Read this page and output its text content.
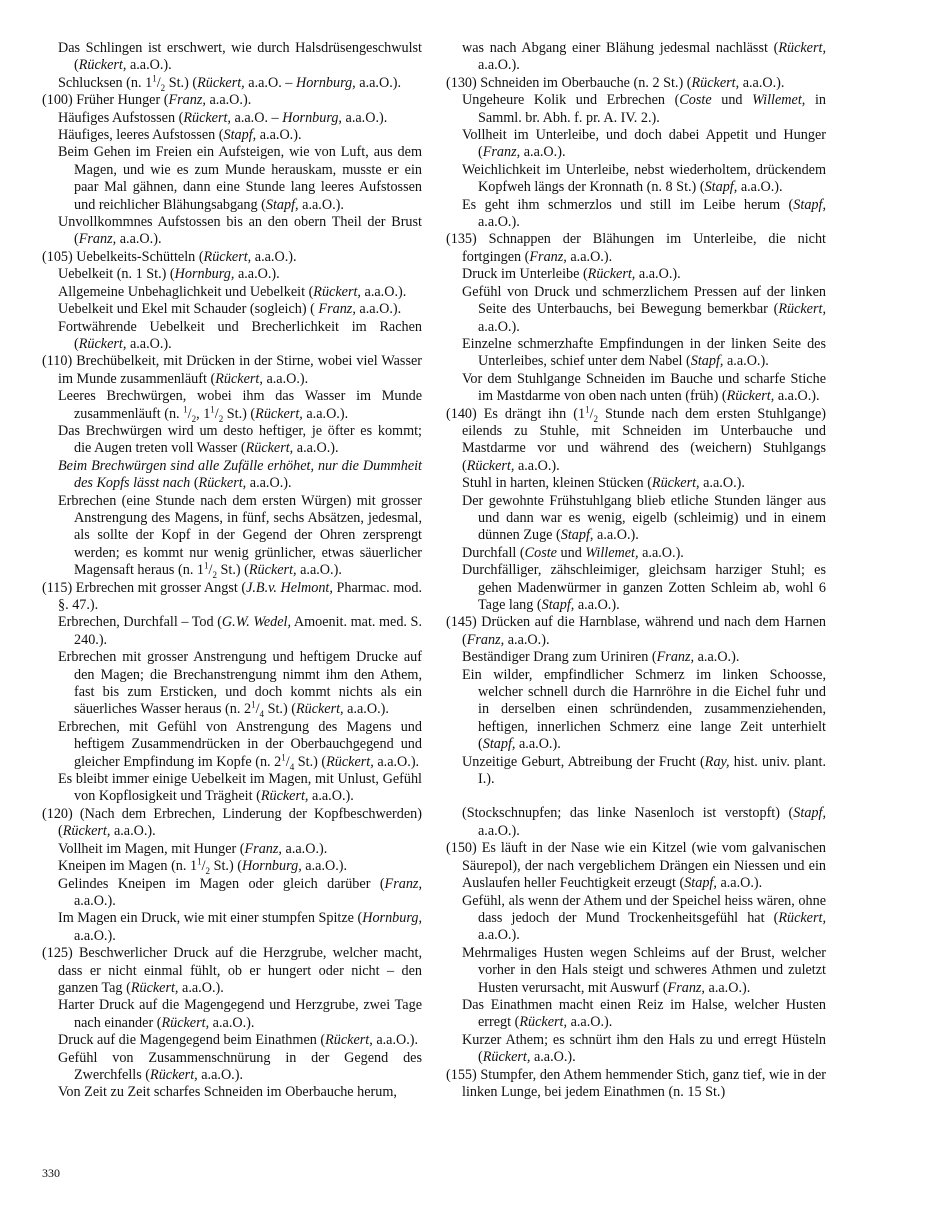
Das Schlingen ist erschwert, wie durch Halsdrüsengeschwulst (Rückert, a.a.O.).
Schlucksen (n. $1^1/_2$ St.) (Rückert, a.a.O. – Hornburg, a.a.O.).
(100) Früher Hunger (Franz, a.a.O.).
Häufiges Aufstossen (Rückert, a.a.O. – Hornburg, a.a.O.).
Häufiges, leeres Aufstossen (Stapf, a.a.O.).
Beim Gehen im Freien ein Aufsteigen, wie von Luft, aus dem Magen, und wie es zum Munde herauskam, musste er ein paar Mal gähnen, dann eine Stunde lang leeres Aufstossen und reichlicher Blähungsabgang (Stapf, a.a.O.).
Unvollkommnes Aufstossen bis an den obern Theil der Brust (Franz, a.a.O.).
(105) Uebelkeits-Schütteln (Rückert, a.a.O.).
Uebelkeit (n. 1 St.) (Hornburg, a.a.O.).
Allgemeine Unbehaglichkeit und Uebelkeit (Rückert, a.a.O.).
Uebelkeit und Ekel mit Schauder (sogleich) ( Franz, a.a.O.).
Fortwährende Uebelkeit und Brecherlichkeit im Rachen (Rückert, a.a.O.).
(110) Brechübelkeit, mit Drücken in der Stirne, wobei viel Wasser im Munde zusammenläuft (Rückert, a.a.O.).
Leeres Brechwürgen, wobei ihm das Wasser im Munde zusammenläuft (n. $^1/_2$, $1^1/_2$ St.) (Rückert, a.a.O.).
Das Brechwürgen wird um desto heftiger, je öfter es kommt; die Augen treten voll Wasser (Rückert, a.a.O.).
Beim Brechwürgen sind alle Zufälle erhöhet, nur die Dummheit des Kopfs lässt nach (Rückert, a.a.O.).
Erbrechen (eine Stunde nach dem ersten Würgen) mit grosser Anstrengung des Magens, in fünf, sechs Absätzen, jedesmal, als sollte der Kopf in der Gegend der Ohren zersprengt werden; es kommt nur wenig grünlicher, etwas säuerlicher Magensaft heraus (n. $1^1/_2$ St.) (Rückert, a.a.O.).
(115) Erbrechen mit grosser Angst (J.B.v. Helmont, Pharmac. mod. §. 47.).
Erbrechen, Durchfall – Tod (G.W. Wedel, Amoenit. mat. med. S. 240.).
Erbrechen mit grosser Anstrengung und heftigem Drucke auf den Magen; die Brechanstrengung nimmt ihm den Athem, fast bis zum Ersticken, und doch kommt nichts als ein säuerliches Wasser heraus (n. $2^1/_4$ St.) (Rückert, a.a.O.).
Erbrechen, mit Gefühl von Anstrengung des Magens und heftigem Zusammendrücken in der Oberbauchgegend und gleicher Empfindung im Kopfe (n. $2^1/_4$ St.) (Rückert, a.a.O.).
Es bleibt immer einige Uebelkeit im Magen, mit Unlust, Gefühl von Kopflosigkeit und Trägheit (Rückert, a.a.O.).
(120) (Nach dem Erbrechen, Linderung der Kopfbeschwerden) (Rückert, a.a.O.).
Vollheit im Magen, mit Hunger (Franz, a.a.O.).
Kneipen im Magen (n. $1^1/_2$ St.) (Hornburg, a.a.O.).
Gelindes Kneipen im Magen oder gleich darüber (Franz, a.a.O.).
Im Magen ein Druck, wie mit einer stumpfen Spitze (Hornburg, a.a.O.).
(125) Beschwerlicher Druck auf die Herzgrube, welcher macht, dass er nicht einmal fühlt, ob er hungert oder nicht – den ganzen Tag (Rückert, a.a.O.).
Harter Druck auf die Magengegend und Herzgrube, zwei Tage nach einander (Rückert, a.a.O.).
Druck auf die Magengegend beim Einathmen (Rückert, a.a.O.).
Gefühl von Zusammenschnürung in der Gegend des Zwerchfells (Rückert, a.a.O.).
Von Zeit zu Zeit scharfes Schneiden im Oberbauche herum,
was nach Abgang einer Blähung jedesmal nachlässt (Rückert, a.a.O.).
(130) Schneiden im Oberbauche (n. 2 St.) (Rückert, a.a.O.).
Ungeheure Kolik und Erbrechen (Coste und Willemet, in Samml. br. Abh. f. pr. A. IV. 2.).
Vollheit im Unterleibe, und doch dabei Appetit und Hunger (Franz, a.a.O.).
Weichlichkeit im Unterleibe, nebst wiederholtem, drückendem Kopfweh längs der Kronnath (n. 8 St.) (Stapf, a.a.O.).
Es geht ihm schmerzlos und still im Leibe herum (Stapf, a.a.O.).
(135) Schnappen der Blähungen im Unterleibe, die nicht fortgingen (Franz, a.a.O.).
Druck im Unterleibe (Rückert, a.a.O.).
Gefühl von Druck und schmerzlichem Pressen auf der linken Seite des Unterbauchs, bei Bewegung bemerkbar (Rückert, a.a.O.).
Einzelne schmerzhafte Empfindungen in der linken Seite des Unterleibes, schief unter dem Nabel (Stapf, a.a.O.).
Vor dem Stuhlgange Schneiden im Bauche und scharfe Stiche im Mastdarme von oben nach unten (früh) (Rückert, a.a.O.).
(140) Es drängt ihn ($1^1/_2$ Stunde nach dem ersten Stuhlgange) eilends zu Stuhle, mit Schneiden im Unterbauche und Mastdarme vor und während des (weichern) Stuhlgangs (Rückert, a.a.O.).
Stuhl in harten, kleinen Stücken (Rückert, a.a.O.).
Der gewohnte Frühstuhlgang blieb etliche Stunden länger aus und dann war es wenig, eigelb (schleimig) und in einem dünnen Zuge (Stapf, a.a.O.).
Durchfall (Coste und Willemet, a.a.O.).
Durchfälliger, zähschleimiger, gleichsam harziger Stuhl; es gehen Madenwürmer in ganzen Zotten Schleim ab, wohl 6 Tage lang (Stapf, a.a.O.).
(145) Drücken auf die Harnblase, während und nach dem Harnen (Franz, a.a.O.).
Beständiger Drang zum Uriniren (Franz, a.a.O.).
Ein wilder, empfindlicher Schmerz im linken Schoosse, welcher schnell durch die Harnröhre in die Eichel fuhr und in derselben einen schründenden, zusammenziehenden, heftigen, innerlichen Schmerz eine lange Zeit unterhielt (Stapf, a.a.O.).
Unzeitige Geburt, Abtreibung der Frucht (Ray, hist. univ. plant. I.).
(Stockschnupfen; das linke Nasenloch ist verstopft) (Stapf, a.a.O.).
(150) Es läuft in der Nase wie ein Kitzel (wie vom galvanischen Säurepol), der nach vergeblichem Drängen ein Niessen und ein Auslaufen heller Feuchtigkeit erzeugt (Stapf, a.a.O.).
Gefühl, als wenn der Athem und der Speichel heiss wären, ohne dass jedoch der Mund Trockenheitsgefühl hat (Rückert, a.a.O.).
Mehrmaliges Husten wegen Schleims auf der Brust, welcher vorher in den Hals steigt und schweres Athmen und zuletzt Husten verursacht, mit Auswurf (Franz, a.a.O.).
Das Einathmen macht einen Reiz im Halse, welcher Husten erregt (Rückert, a.a.O.).
Kurzer Athem; es schnürt ihm den Hals zu und erregt Hüsteln (Rückert, a.a.O.).
(155) Stumpfer, den Athem hemmender Stich, ganz tief, wie in der linken Lunge, bei jedem Einathmen (n. 15 St.)
330
